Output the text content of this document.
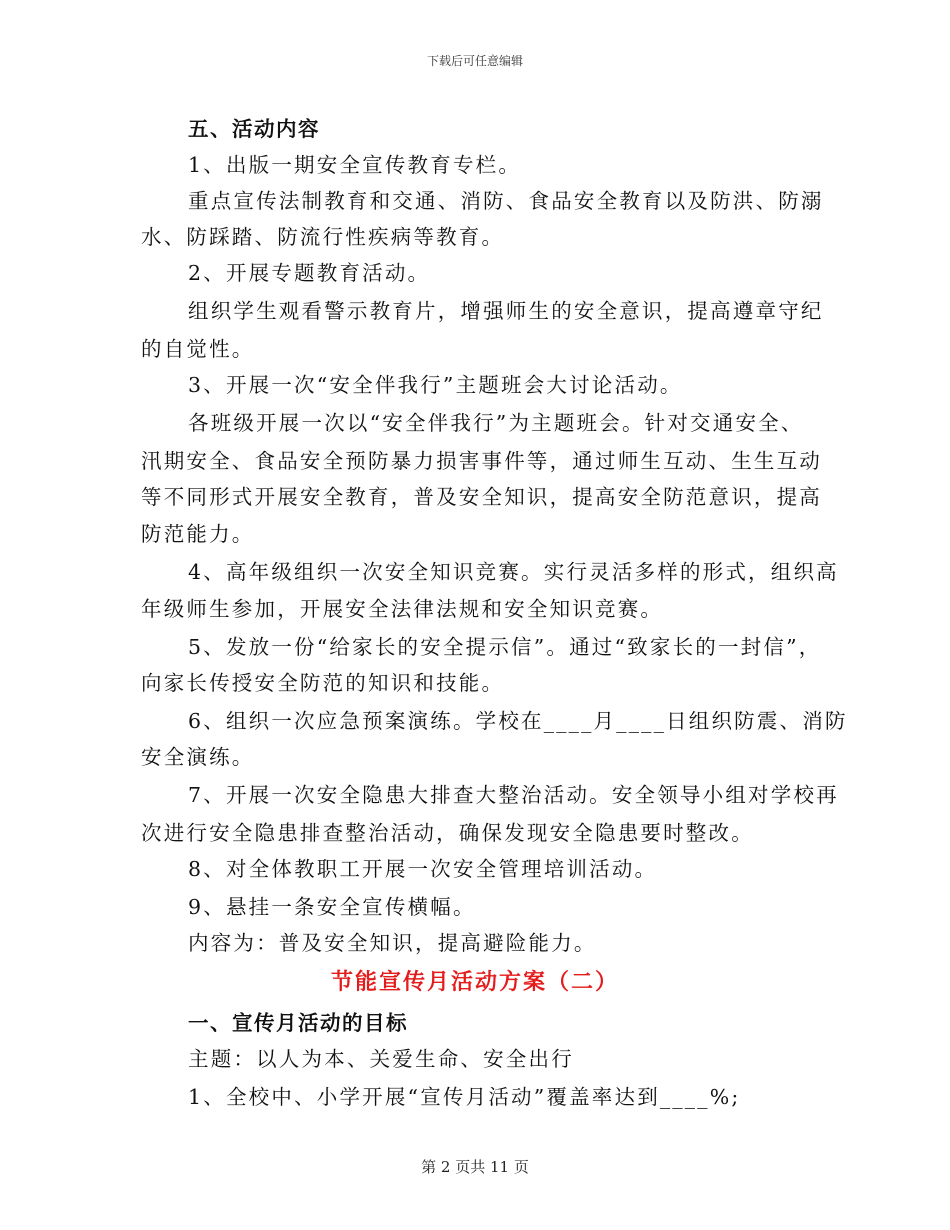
下载后可任意编辑
五、活动内容
1、出版一期安全宣传教育专栏。
重点宣传法制教育和交通、消防、食品安全教育以及防洪、防溺
水、防踩踏、防流行性疾病等教育。
2、开展专题教育活动。
组织学生观看警示教育片，增强师生的安全意识，提高遵章守纪
的自觉性。
3、开展一次“安全伴我行”主题班会大讨论活动。
各班级开展一次以“安全伴我行”为主题班会。针对交通安全、
汛期安全、食品安全预防暴力损害事件等，通过师生互动、生生互动
等不同形式开展安全教育，普及安全知识，提高安全防范意识，提高
防范能力。
4、高年级组织一次安全知识竞赛。实行灵活多样的形式，组织高
年级师生参加，开展安全法律法规和安全知识竞赛。
5、发放一份“给家长的安全提示信”。通过“致家长的一封信”，
向家长传授安全防范的知识和技能。
6、组织一次应急预案演练。学校在____月____日组织防震、消防
安全演练。
7、开展一次安全隐患大排查大整治活动。安全领导小组对学校再
次进行安全隐患排查整治活动，确保发现安全隐患要时整改。
8、对全体教职工开展一次安全管理培训活动。
9、悬挂一条安全宣传横幅。
内容为：普及安全知识，提高避险能力。
节能宣传月活动方案（二）
一、宣传月活动的目标
主题：以人为本、关爱生命、安全出行
1、全校中、小学开展“宣传月活动”覆盖率达到____%;
第 2 页共 11 页
